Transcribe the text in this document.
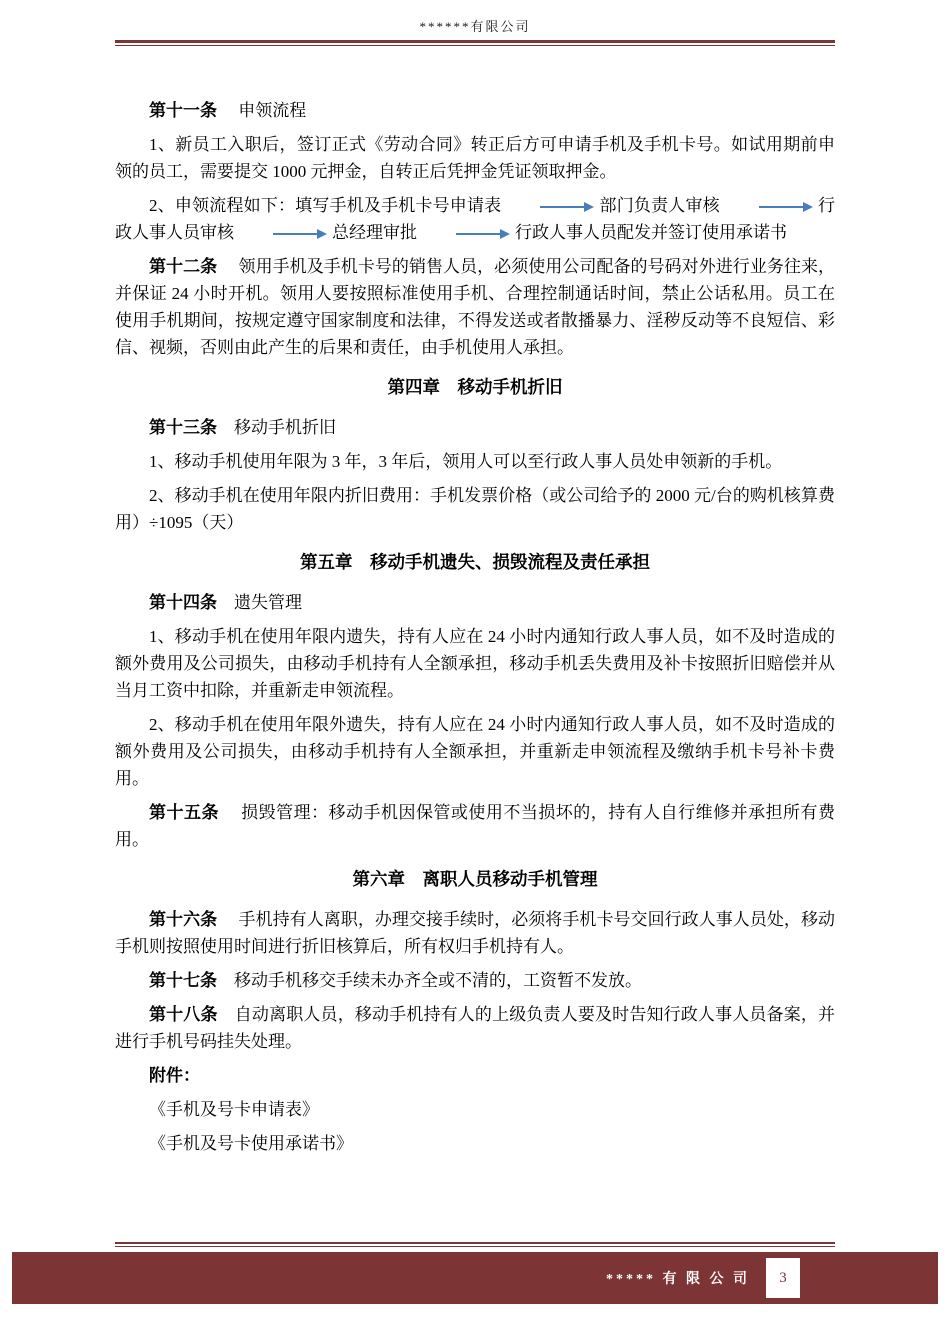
******有限公司

第十一条　 申领流程

1、新员工入职后，签订正式《劳动合同》转正后方可申请手机及手机卡号。如试用期前申领的员工，需要提交 1000 元押金，自转正后凭押金凭证领取押金。

2、申领流程如下：填写手机及手机卡号申请表	部门负责人审核	行政人事人员审核	总经理审批	行政人事人员配发并签订使用承诺书

第十二条　 领用手机及手机卡号的销售人员，必须使用公司配备的号码对外进行业务往来，并保证 24 小时开机。领用人要按照标准使用手机、合理控制通话时间，禁止公话私用。员工在使用手机期间，按规定遵守国家制度和法律，不得发送或者散播暴力、淫秽反动等不良短信、彩信、视频，否则由此产生的后果和责任，由手机使用人承担。

第四章　移动手机折旧

第十三条　移动手机折旧

1、移动手机使用年限为 3 年，3 年后，领用人可以至行政人事人员处申领新的手机。

2、移动手机在使用年限内折旧费用：手机发票价格（或公司给予的 2000 元/台的购机核算费用）÷1095（天）

第五章　移动手机遗失、损毁流程及责任承担

第十四条　遗失管理

1、移动手机在使用年限内遗失，持有人应在 24 小时内通知行政人事人员，如不及时造成的额外费用及公司损失，由移动手机持有人全额承担，移动手机丢失费用及补卡按照折旧赔偿并从当月工资中扣除，并重新走申领流程。

2、移动手机在使用年限外遗失，持有人应在 24 小时内通知行政人事人员，如不及时造成的额外费用及公司损失，由移动手机持有人全额承担，并重新走申领流程及缴纳手机卡号补卡费用。

第十五条　 损毁管理：移动手机因保管或使用不当损坏的，持有人自行维修并承担所有费用。

第六章　离职人员移动手机管理

第十六条　 手机持有人离职，办理交接手续时，必须将手机卡号交回行政人事人员处，移动手机则按照使用时间进行折旧核算后，所有权归手机持有人。

第十七条　移动手机移交手续未办齐全或不清的，工资暂不发放。

第十八条　自动离职人员，移动手机持有人的上级负责人要及时告知行政人事人员备案，并进行手机号码挂失处理。

附件：

《手机及号卡申请表》

《手机及号卡使用承诺书》

***** 有 限 公 司	3
